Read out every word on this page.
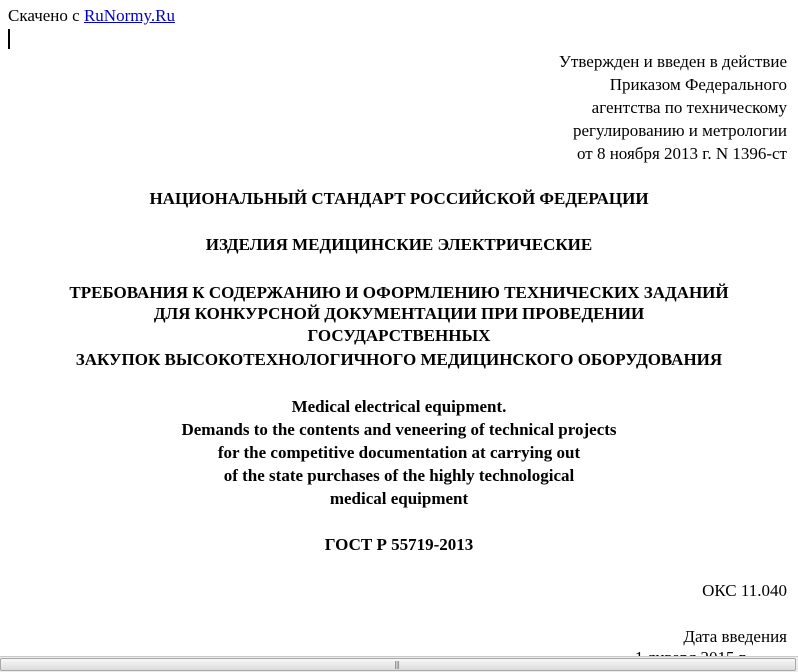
Скачено с RuNormy.Ru
Утвержден и введен в действие
Приказом Федерального
агентства по техническому
регулированию и метрологии
от 8 ноября 2013 г. N 1396-ст
НАЦИОНАЛЬНЫЙ СТАНДАРТ РОССИЙСКОЙ ФЕДЕРАЦИИ
ИЗДЕЛИЯ МЕДИЦИНСКИЕ ЭЛЕКТРИЧЕСКИЕ
ТРЕБОВАНИЯ К СОДЕРЖАНИЮ И ОФОРМЛЕНИЮ ТЕХНИЧЕСКИХ ЗАДАНИЙ
ДЛЯ КОНКУРСНОЙ ДОКУМЕНТАЦИИ ПРИ ПРОВЕДЕНИИ
ГОСУДАРСТВЕННЫХ
ЗАКУПОК ВЫСОКОТЕХНОЛОГИЧНОГО МЕДИЦИНСКОГО ОБОРУДОВАНИЯ
Medical electrical equipment.
Demands to the contents and veneering of technical projects
for the competitive documentation at carrying out
of the state purchases of the highly technological
medical equipment
ГОСТ Р 55719-2013
ОКС 11.040
Дата введения
|||
